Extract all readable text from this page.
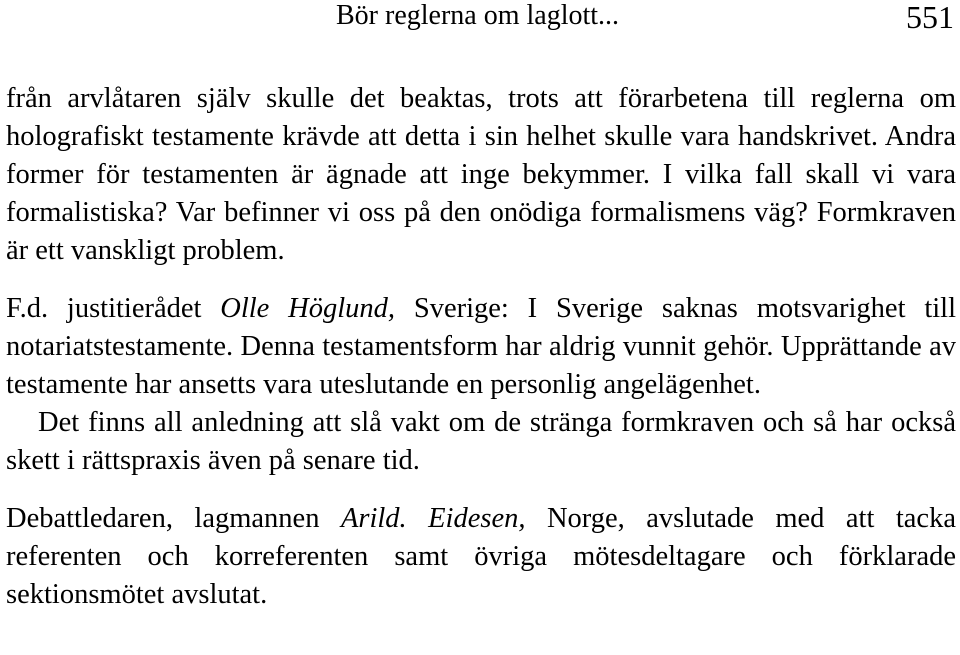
Bör reglerna om laglott...	551

från arvlåtaren själv skulle det beaktas, trots att förarbetena till reglerna om holografiskt testamente krävde att detta i sin helhet skulle vara handskrivet. Andra former för testamenten är ägnade att inge bekymmer. I vilka fall skall vi vara formalistiska? Var befinner vi oss på den onödiga formalismens väg? Formkraven är ett vanskligt problem.

F.d. justitierådet Olle Höglund, Sverige: I Sverige saknas motsvarighet till notariatstestamente. Denna testamentsform har aldrig vunnit gehör. Upprättande av testamente har ansetts vara uteslutande en personlig angelägenhet.

Det finns all anledning att slå vakt om de stränga formkraven och så har också skett i rättspraxis även på senare tid.

Debattledaren, lagmannen Arild. Eidesen, Norge, avslutade med att tacka referenten och korreferenten samt övriga mötesdeltagare och förklarade sektionsmötet avslutat.
